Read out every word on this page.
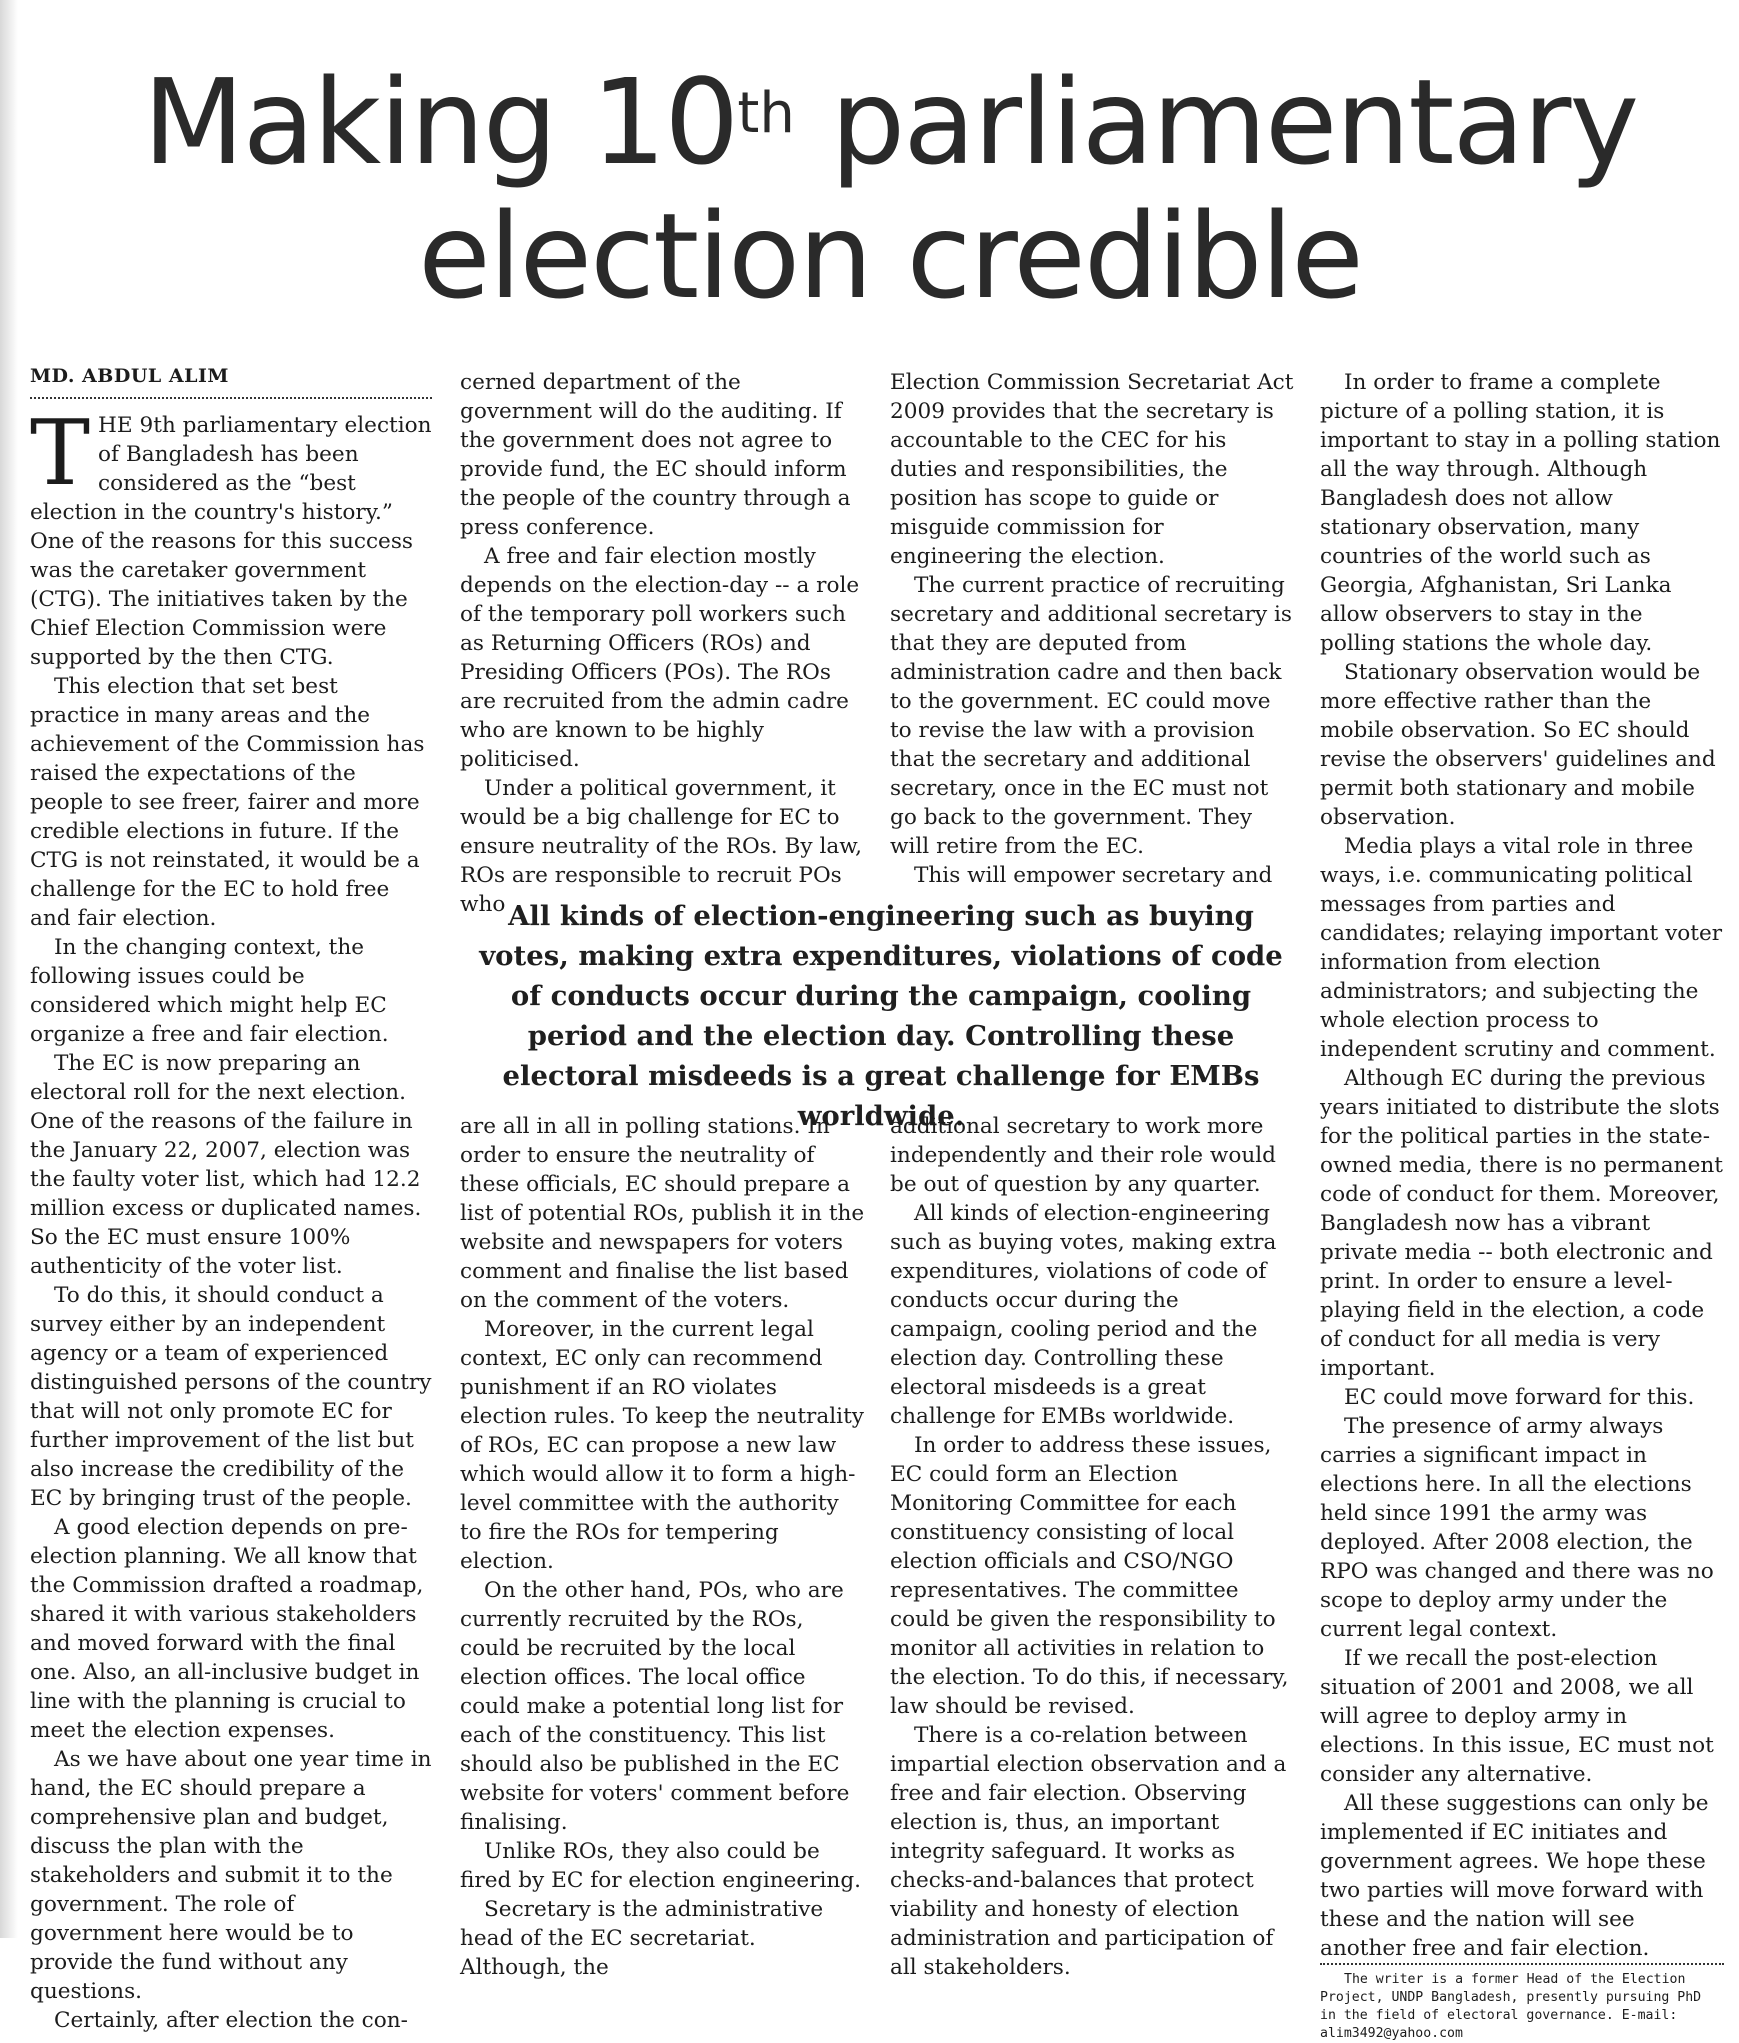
Making 10th parliamentary
election credible
MD. ABDUL ALIM

THE 9th parliamentary election of Bangladesh has been considered as the “best election in the country's history.” One of the reasons for this success was the caretaker government (CTG). The initiatives taken by the Chief Election Commission were supported by the then CTG.

This election that set best practice in many areas and the achievement of the Commission has raised the expectations of the people to see freer, fairer and more credible elections in future. If the CTG is not reinstated, it would be a challenge for the EC to hold free and fair election.

In the changing context, the following issues could be considered which might help EC organize a free and fair election.

The EC is now preparing an electoral roll for the next election. One of the reasons of the failure in the January 22, 2007, election was the faulty voter list, which had 12.2 million excess or duplicated names. So the EC must ensure 100% authenticity of the voter list.

To do this, it should conduct a survey either by an independent agency or a team of experienced distinguished persons of the country that will not only promote EC for further improvement of the list but also increase the credibility of the EC by bringing trust of the people.

A good election depends on pre-election planning. We all know that the Commission drafted a roadmap, shared it with various stakeholders and moved forward with the final one. Also, an all-inclusive budget in line with the planning is crucial to meet the election expenses.

As we have about one year time in hand, the EC should prepare a comprehensive plan and budget, discuss the plan with the stakeholders and submit it to the government. The role of government here would be to provide the fund without any questions.

Certainly, after election the con-

cerned department of the government will do the auditing. If the government does not agree to provide fund, the EC should inform the people of the country through a press conference.

A free and fair election mostly depends on the election-day -- a role of the temporary poll workers such as Returning Officers (ROs) and Presiding Officers (POs). The ROs are recruited from the admin cadre who are known to be highly politicised.

Under a political government, it would be a big challenge for EC to ensure neutrality of the ROs. By law, ROs are responsible to recruit POs who

Election Commission Secretariat Act 2009 provides that the secretary is accountable to the CEC for his duties and responsibilities, the position has scope to guide or misguide commission for engineering the election.

The current practice of recruiting secretary and additional secretary is that they are deputed from administration cadre and then back to the government. EC could move to revise the law with a provision that the secretary and additional secretary, once in the EC must not go back to the government. They will retire from the EC.

This will empower secretary and

All kinds of election-engineering such as buying votes, making extra expenditures, violations of code of conducts occur during the campaign, cooling period and the election day. Controlling these electoral misdeeds is a great challenge for EMBs worldwide.

are all in all in polling stations. In order to ensure the neutrality of these officials, EC should prepare a list of potential ROs, publish it in the website and newspapers for voters comment and finalise the list based on the comment of the voters.

Moreover, in the current legal context, EC only can recommend punishment if an RO violates election rules. To keep the neutrality of ROs, EC can propose a new law which would allow it to form a high-level committee with the authority to fire the ROs for tempering election.

On the other hand, POs, who are currently recruited by the ROs, could be recruited by the local election offices. The local office could make a potential long list for each of the constituency. This list should also be published in the EC website for voters' comment before finalising.

Unlike ROs, they also could be fired by EC for election engineering.

Secretary is the administrative head of the EC secretariat. Although, the

additional secretary to work more independently and their role would be out of question by any quarter.

All kinds of election-engineering such as buying votes, making extra expenditures, violations of code of conducts occur during the campaign, cooling period and the election day. Controlling these electoral misdeeds is a great challenge for EMBs worldwide.

In order to address these issues, EC could form an Election Monitoring Committee for each constituency consisting of local election officials and CSO/NGO representatives. The committee could be given the responsibility to monitor all activities in relation to the election. To do this, if necessary, law should be revised.

There is a co-relation between impartial election observation and a free and fair election. Observing election is, thus, an important integrity safeguard. It works as checks-and-balances that protect viability and honesty of election administration and participation of all stakeholders.

In order to frame a complete picture of a polling station, it is important to stay in a polling station all the way through. Although Bangladesh does not allow stationary observation, many countries of the world such as Georgia, Afghanistan, Sri Lanka allow observers to stay in the polling stations the whole day.

Stationary observation would be more effective rather than the mobile observation. So EC should revise the observers' guidelines and permit both stationary and mobile observation.

Media plays a vital role in three ways, i.e. communicating political messages from parties and candidates; relaying important voter information from election administrators; and subjecting the whole election process to independent scrutiny and comment.

Although EC during the previous years initiated to distribute the slots for the political parties in the state-owned media, there is no permanent code of conduct for them. Moreover, Bangladesh now has a vibrant private media -- both electronic and print. In order to ensure a level-playing field in the election, a code of conduct for all media is very important.

EC could move forward for this.

The presence of army always carries a significant impact in elections here. In all the elections held since 1991 the army was deployed. After 2008 election, the RPO was changed and there was no scope to deploy army under the current legal context.

If we recall the post-election situation of 2001 and 2008, we all will agree to deploy army in elections. In this issue, EC must not consider any alternative.

All these suggestions can only be implemented if EC initiates and government agrees. We hope these two parties will move forward with these and the nation will see another free and fair election.

The writer is a former Head of the Election Project, UNDP Bangladesh, presently pursuing PhD in the field of electoral governance. E-mail: alim3492@yahoo.com
